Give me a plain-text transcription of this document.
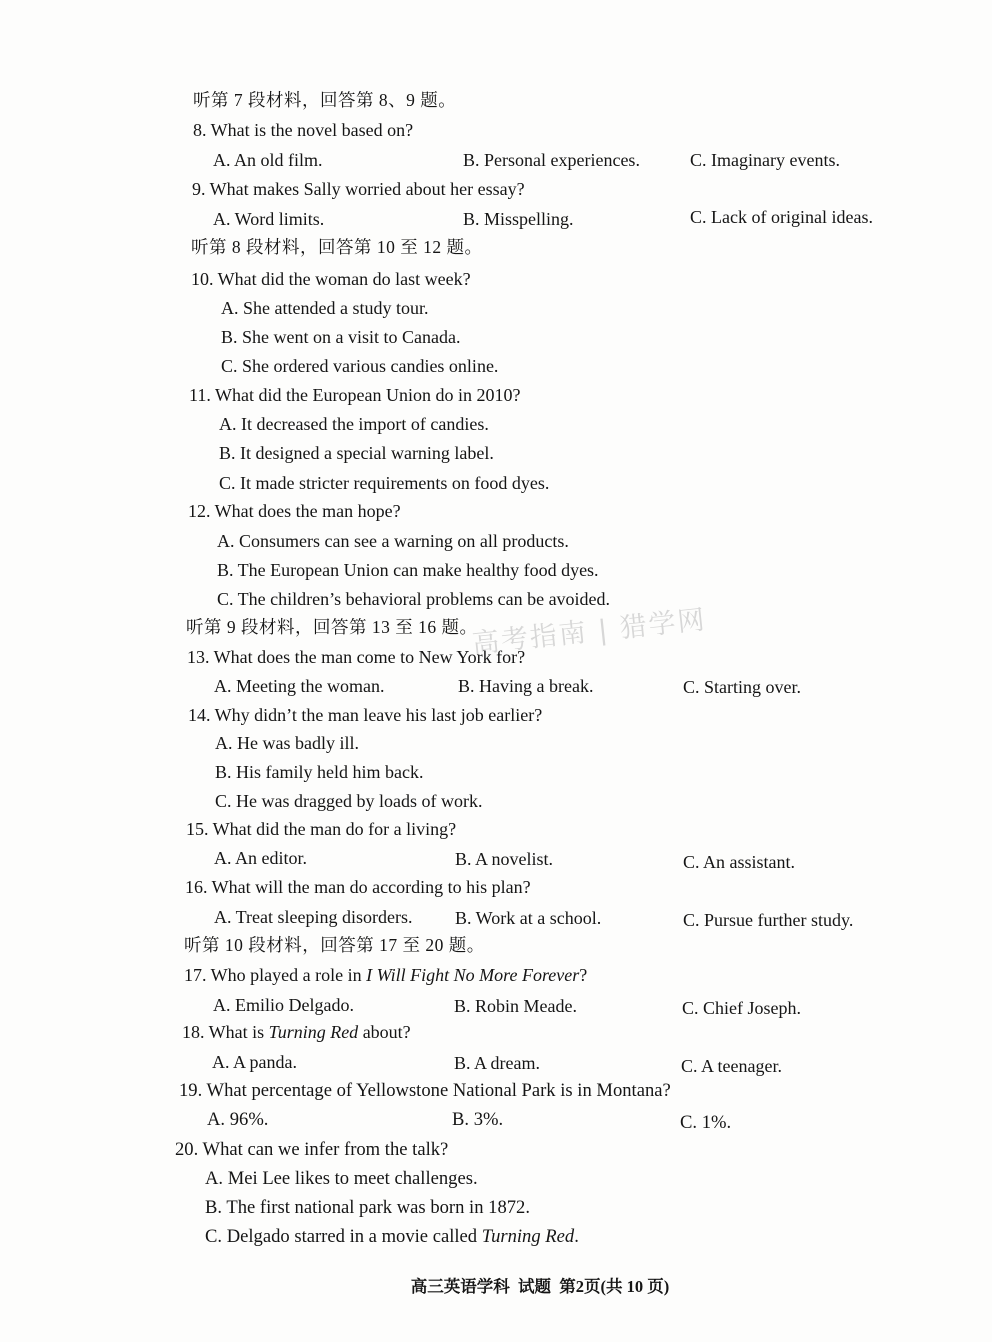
听第 7 段材料，回答第 8、9 题。
8. What is the novel based on?
A. An old film.	B. Personal experiences.	C. Imaginary events.
9. What makes Sally worried about her essay?
A. Word limits.	B. Misspelling.	C. Lack of original ideas.
听第 8 段材料，回答第 10 至 12 题。
10. What did the woman do last week?
A. She attended a study tour.
B. She went on a visit to Canada.
C. She ordered various candies online.
11. What did the European Union do in 2010?
A. It decreased the import of candies.
B. It designed a special warning label.
C. It made stricter requirements on food dyes.
12. What does the man hope?
A. Consumers can see a warning on all products.
B. The European Union can make healthy food dyes.
C. The children’s behavioral problems can be avoided.
听第 9 段材料，回答第 13 至 16 题。
13. What does the man come to New York for?
A. Meeting the woman.	B. Having a break.	C. Starting over.
14. Why didn’t the man leave his last job earlier?
A. He was badly ill.
B. His family held him back.
C. He was dragged by loads of work.
15. What did the man do for a living?
A. An editor.	B. A novelist.	C. An assistant.
16. What will the man do according to his plan?
A. Treat sleeping disorders. B. Work at a school.	C. Pursue further study.
听第 10 段材料，回答第 17 至 20 题。
17. Who played a role in I Will Fight No More Forever?
A. Emilio Delgado.	B. Robin Meade.	C. Chief Joseph.
18. What is Turning Red about?
A. A panda.	B. A dream.	C. A teenager.
19. What percentage of Yellowstone National Park is in Montana?
A. 96%.	B. 3%.	C. 1%.
20. What can we infer from the talk?
A. Mei Lee likes to meet challenges.
B. The first national park was born in 1872.
C. Delgado starred in a movie called Turning Red.
高考指南 | 猎学网
高三英语学科  试题  第2页(共 10 页)
